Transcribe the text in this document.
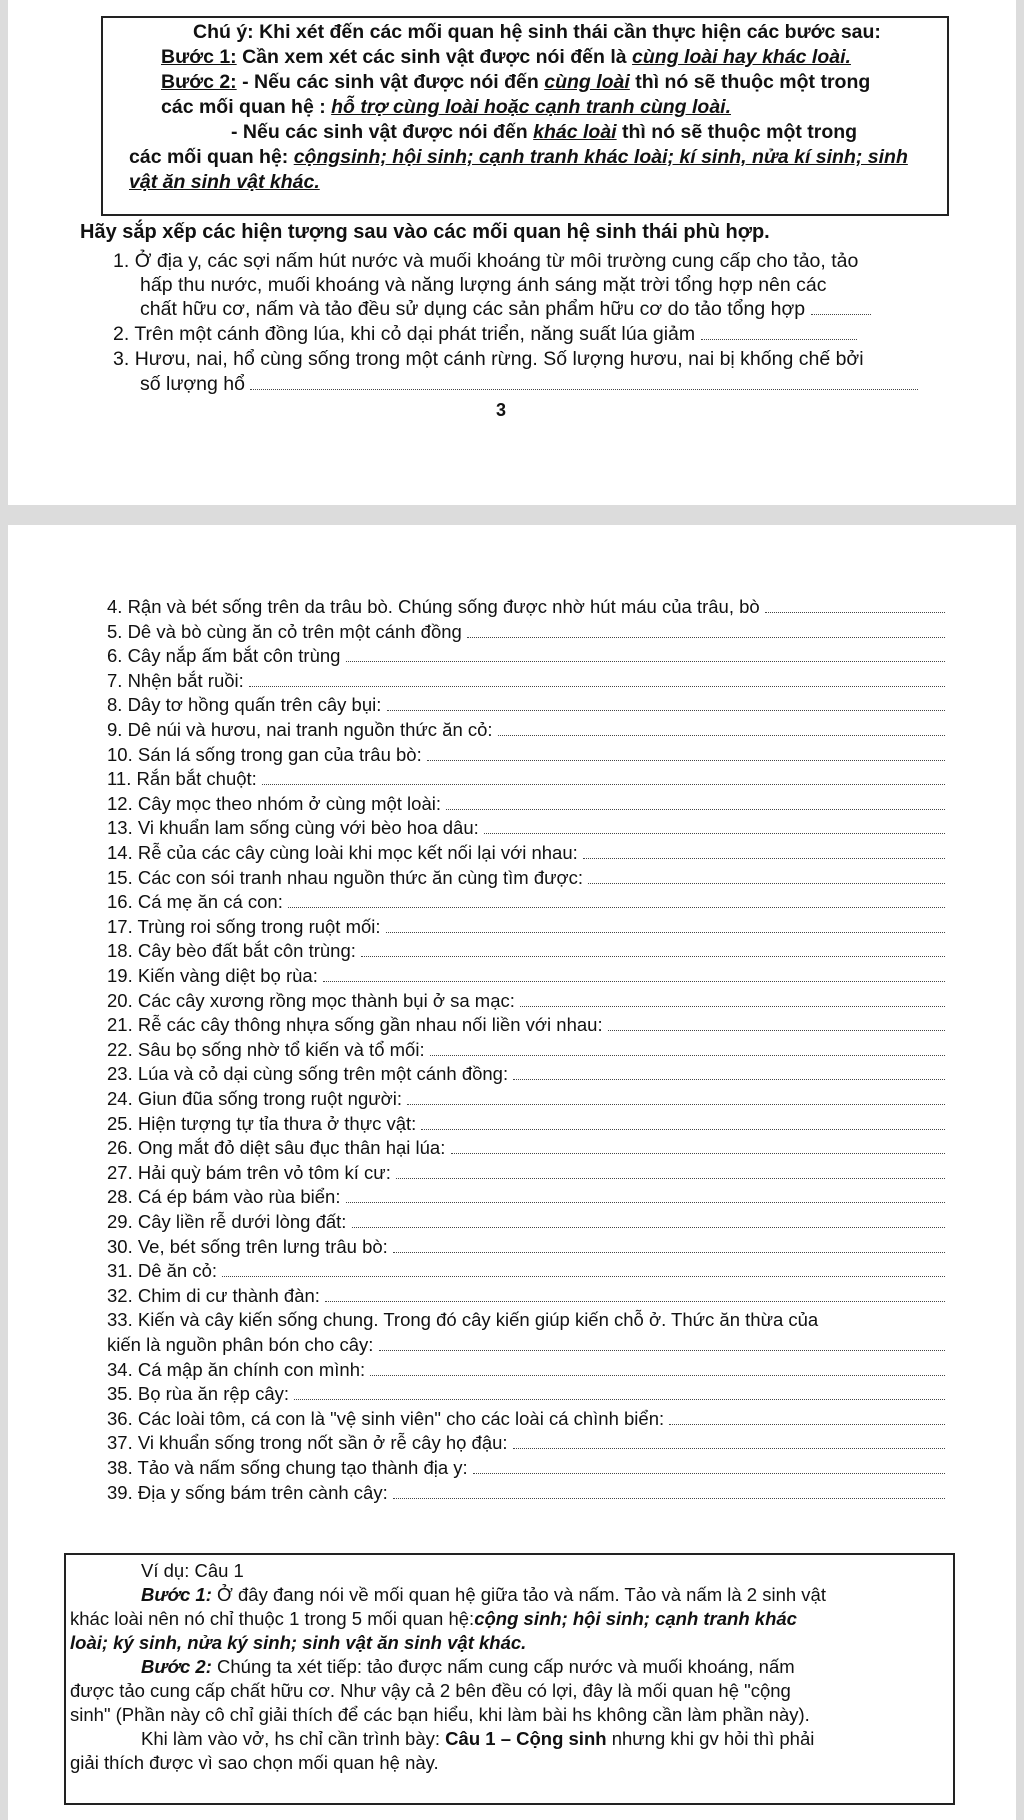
Chú ý: Khi xét đến các mối quan hệ sinh thái cần thực hiện các bước sau:
Bước 1: Cần xem xét các sinh vật được nói đến là cùng loài hay khác loài.
Bước 2: - Nếu các sinh vật được nói đến cùng loài thì nó sẽ thuộc một trong
các mối quan hệ : hỗ trợ cùng loài hoặc cạnh tranh cùng loài.
- Nếu các sinh vật được nói đến khác loài thì nó sẽ thuộc một trong
các mối quan hệ: cộngsinh; hội sinh; cạnh tranh khác loài; kí sinh, nửa kí sinh; sinh
vật ăn sinh vật khác.
Hãy sắp xếp các hiện tượng sau vào các mối quan hệ sinh thái phù hợp.
1. Ở địa y, các sợi nấm hút nước và muối khoáng từ môi trường cung cấp cho tảo, tảo
hấp thu nước, muối khoáng và năng lượng ánh sáng mặt trời tổng hợp nên các
chất hữu cơ, nấm và tảo đều sử dụng các sản phẩm hữu cơ do tảo tổng hợp
2. Trên một cánh đồng lúa, khi cỏ dại phát triển, năng suất lúa giảm
3. Hươu, nai, hổ cùng sống trong một cánh rừng. Số lượng hươu, nai bị khống chế bởi
số lượng hổ
3
4. Rận và bét sống trên da trâu bò. Chúng sống được nhờ hút máu của trâu, bò
5. Dê và bò cùng ăn cỏ trên một cánh đồng
6. Cây nắp ấm bắt côn trùng
7. Nhện bắt ruồi:
8. Dây tơ hồng quấn trên cây bụi:
9. Dê núi và hươu, nai tranh nguồn thức ăn cỏ:
10. Sán lá sống trong gan của trâu bò:
11. Rắn bắt chuột:
12. Cây mọc theo nhóm ở cùng một loài:
13. Vi khuẩn lam sống cùng với bèo hoa dâu:
14. Rễ của các cây cùng loài khi mọc kết nối lại với nhau:
15. Các con sói tranh nhau nguồn thức ăn cùng tìm được:
16. Cá mẹ ăn cá con:
17. Trùng roi sống trong ruột mối:
18. Cây bèo đất bắt côn trùng:
19. Kiến vàng diệt bọ rùa:
20. Các cây xương rồng mọc thành bụi ở sa mạc:
21. Rễ các cây thông nhựa sống gần nhau nối liền với nhau:
22. Sâu bọ sống nhờ tổ kiến và tổ mối:
23. Lúa và cỏ dại cùng sống trên một cánh đồng:
24. Giun đũa sống trong ruột người:
25. Hiện tượng tự tỉa thưa ở thực vật:
26. Ong mắt đỏ diệt sâu đục thân hại lúa:
27. Hải quỳ bám trên vỏ tôm kí cư:
28. Cá ép bám vào rùa biển:
29. Cây liền rễ dưới lòng đất:
30. Ve, bét sống trên lưng trâu bò:
31. Dê ăn cỏ:
32. Chim di cư thành đàn:
33. Kiến và cây kiến sống chung. Trong đó cây kiến giúp kiến chỗ ở. Thức ăn thừa của
kiến là nguồn phân bón cho cây:
34. Cá mập ăn chính con mình:
35. Bọ rùa ăn rệp cây:
36. Các loài tôm, cá con là "vệ sinh viên" cho các loài cá chình biển:
37. Vi khuẩn sống trong nốt sần ở rễ cây họ đậu:
38. Tảo và nấm sống chung tạo thành địa y:
39. Địa y sống bám trên cành cây:
Ví dụ: Câu 1
Bước 1: Ở đây đang nói về mối quan hệ giữa tảo và nấm. Tảo và nấm là 2 sinh vật
khác loài nên nó chỉ thuộc 1 trong 5 mối quan hệ:cộng sinh; hội sinh; cạnh tranh khác
loài; ký sinh, nửa ký sinh; sinh vật ăn sinh vật khác.
Bước 2: Chúng ta xét tiếp: tảo được nấm cung cấp nước và muối khoáng, nấm
được tảo cung cấp chất hữu cơ. Như vậy cả 2 bên đều có lợi, đây là mối quan hệ "cộng
sinh" (Phần này cô chỉ giải thích để các bạn hiểu, khi làm bài hs không cần làm phần này).
Khi làm vào vở, hs chỉ cần trình bày: Câu 1 – Cộng sinh nhưng khi gv hỏi thì phải
giải thích được vì sao chọn mối quan hệ này.
